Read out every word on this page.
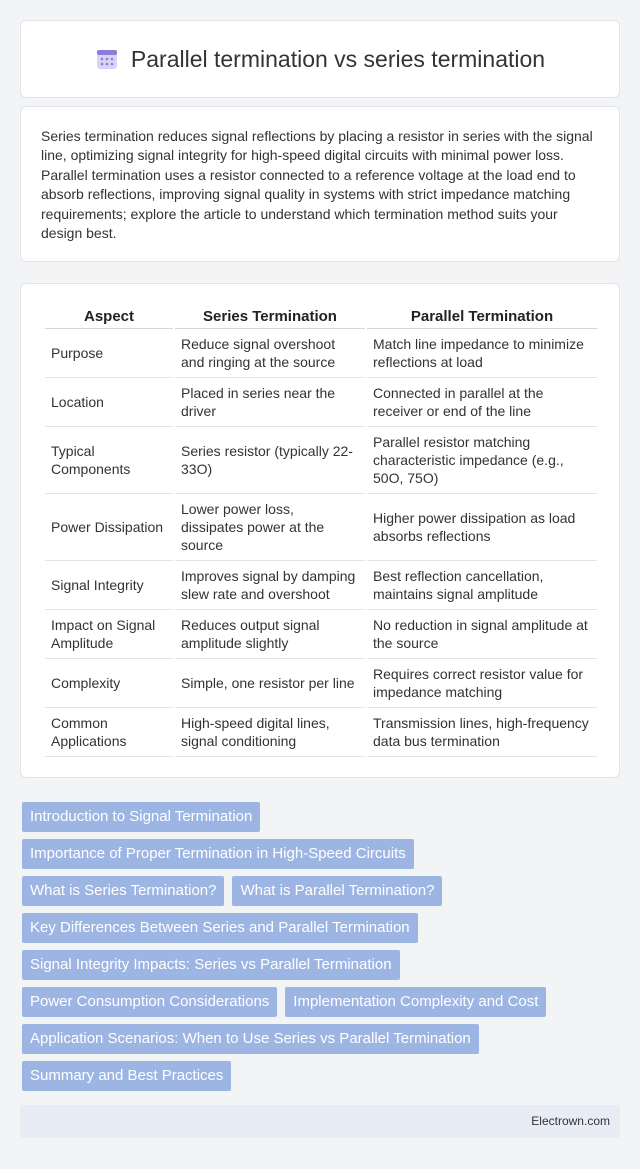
Parallel termination vs series termination

Series termination reduces signal reflections by placing a resistor in series with the signal line, optimizing signal integrity for high-speed digital circuits with minimal power loss. Parallel termination uses a resistor connected to a reference voltage at the load end to absorb reflections, improving signal quality in systems with strict impedance matching requirements; explore the article to understand which termination method suits your design best.

Aspect	Series Termination	Parallel Termination
Purpose	Reduce signal overshoot and ringing at the source	Match line impedance to minimize reflections at load
Location	Placed in series near the driver	Connected in parallel at the receiver or end of the line
Typical Components	Series resistor (typically 22-33O)	Parallel resistor matching characteristic impedance (e.g., 50O, 75O)
Power Dissipation	Lower power loss, dissipates power at the source	Higher power dissipation as load absorbs reflections
Signal Integrity	Improves signal by damping slew rate and overshoot	Best reflection cancellation, maintains signal amplitude
Impact on Signal Amplitude	Reduces output signal amplitude slightly	No reduction in signal amplitude at the source
Complexity	Simple, one resistor per line	Requires correct resistor value for impedance matching
Common Applications	High-speed digital lines, signal conditioning	Transmission lines, high-frequency data bus termination
Introduction to Signal Termination
Importance of Proper Termination in High-Speed Circuits
What is Series Termination?	What is Parallel Termination?
Key Differences Between Series and Parallel Termination
Signal Integrity Impacts: Series vs Parallel Termination
Power Consumption Considerations	Implementation Complexity and Cost
Application Scenarios: When to Use Series vs Parallel Termination
Summary and Best Practices
Electrown.com
